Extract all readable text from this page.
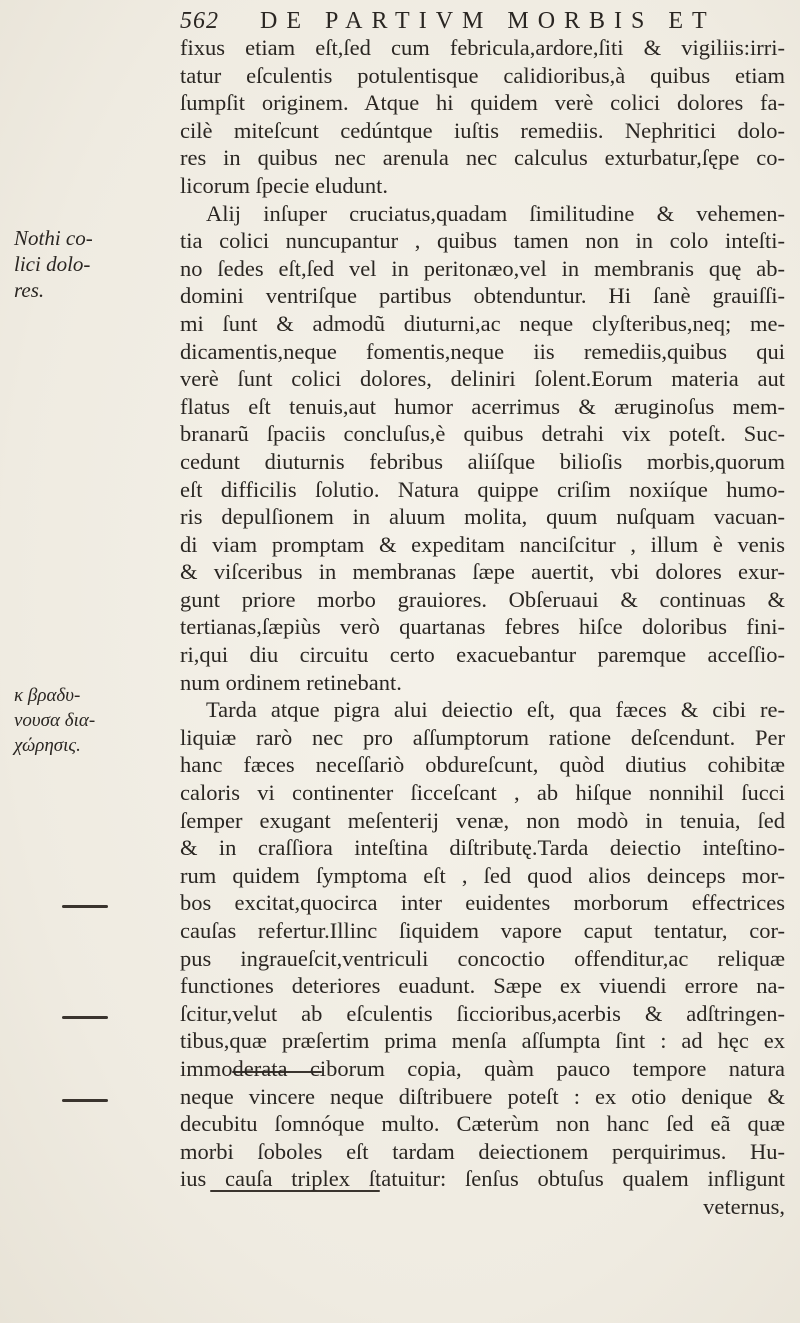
562 DE PARTIVM MORBIS ET
Nothi co-
lici dolo-
res.
κ βραδυ-
νουσα δια-
χώρησις.
fixus etiam eſt,ſed cum febricula,ardore,ſiti & vigiliis:irri-
tatur eſculentis potulentisque calidioribus,à quibus etiam
ſumpſit originem. Atque hi quidem verè colici dolores fa-
cilè miteſcunt cedúntque iuſtis remediis. Nephritici dolo-
res in quibus nec arenula nec calculus exturbatur,ſępe co-
licorum ſpecie eludunt.
Alij inſuper cruciatus,quadam ſimilitudine & vehemen-
tia colici nuncupantur , quibus tamen non in colo inteſti-
no ſedes eſt,ſed vel in peritonæo,vel in membranis quę ab-
domini ventriſque partibus obtenduntur. Hi ſanè grauiſſi-
mi ſunt & admodũ diuturni,ac neque clyſteribus,neq; me-
dicamentis,neque fomentis,neque iis remediis,quibus qui
verè ſunt colici dolores, deliniri ſolent.Eorum materia aut
flatus eſt tenuis,aut humor acerrimus & æruginoſus mem-
branarũ ſpaciis concluſus,è quibus detrahi vix poteſt. Suc-
cedunt diuturnis febribus aliíſque bilioſis morbis,quorum
eſt difficilis ſolutio. Natura quippe criſim noxiíque humo-
ris depulſionem in aluum molita, quum nuſquam vacuan-
di viam promptam & expeditam nanciſcitur , illum è venis
& viſceribus in membranas ſæpe auertit, vbi dolores exur-
gunt priore morbo grauiores. Obſeruaui & continuas &
tertianas,ſæpiùs verò quartanas febres hiſce doloribus fini-
ri,qui diu circuitu certo exacuebantur paremque acceſſio-
num ordinem retinebant.
Tarda atque pigra alui deiectio eſt, qua fæces & cibi re-
liquiæ rarò nec pro aſſumptorum ratione deſcendunt. Per
hanc fæces neceſſariò obdureſcunt, quòd diutius cohibitæ
caloris vi continenter ſicceſcant , ab hiſque nonnihil ſucci
ſemper exugant meſenterij venæ, non modò in tenuia, ſed
& in craſſiora inteſtina diſtributę.Tarda deiectio inteſtino-
rum quidem ſymptoma eſt , ſed quod alios deinceps mor-
bos excitat,quocirca inter euidentes morborum effectrices
cauſas refertur.Illinc ſiquidem vapore caput tentatur, cor-
pus ingraueſcit,ventriculi concoctio offenditur,ac reliquæ
functiones deteriores euadunt. Sæpe ex viuendi errore na-
ſcitur,velut ab eſculentis ſiccioribus,acerbis & adſtringen-
tibus,quæ præſertim prima menſa aſſumpta ſint : ad hęc ex
immoderata ciborum copia, quàm pauco tempore natura
neque vincere neque diſtribuere poteſt : ex otio denique &
decubitu ſomnóque multo. Cæterùm non hanc ſed eã quæ
morbi ſoboles eſt tardam deiectionem perquirimus. Hu-
ius cauſa triplex ſtatuitur: ſenſus obtuſus qualem infligunt
veternus,
